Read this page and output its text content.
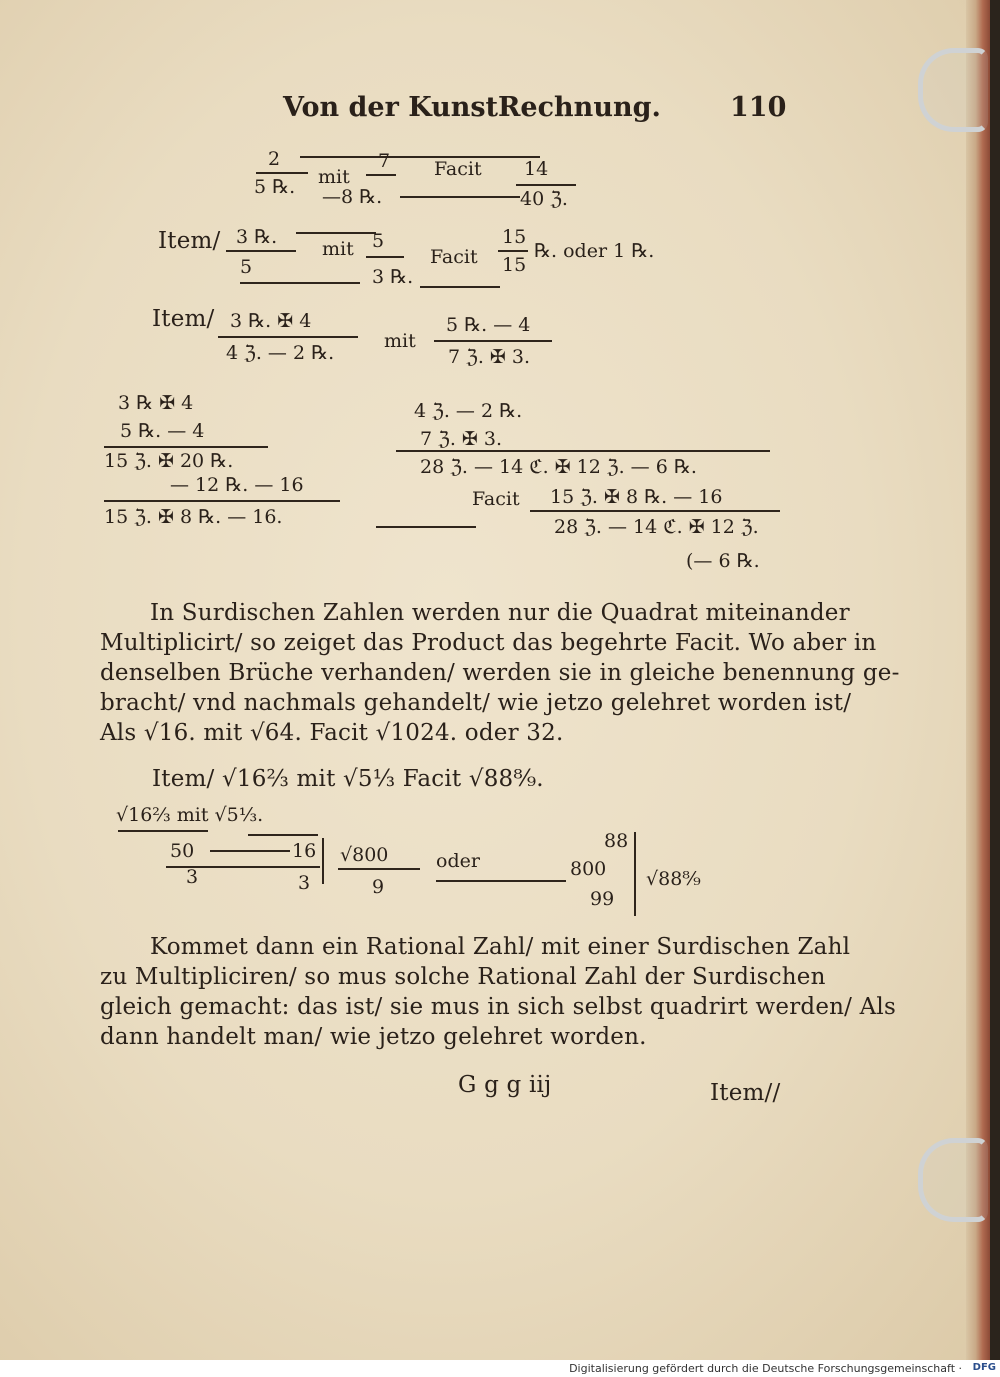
Von der KunstRechnung.	110
2
5 ℞. mit
7
—8 ℞.
Facit 14
40 ℨ.
Item/ 3 ℞.
5
mit 5
3 ℞.
Facit
15
15
℞. oder 1 ℞.
Item/ 3 ℞. ✠ 4
4 ℨ. — 2 ℞.
mit
5 ℞. — 4
7 ℨ. ✠ 3.
3 ℞ ✠ 4
5 ℞. — 4
15 ℨ. ✠ 20 ℞.
— 12 ℞. — 16
15 ℨ. ✠ 8 ℞. — 16.
4 ℨ. — 2 ℞.
7 ℨ. ✠ 3.
28 ℨ. — 14 ℭ. ✠ 12 ℨ. — 6 ℞.
Facit 15 ℨ. ✠ 8 ℞. — 16
28 ℨ. — 14 ℭ. ✠ 12 ℨ.
(— 6 ℞.
In Surdischen Zahlen werden nur die Quadrat miteinander
Multiplicirt/ so zeiget das Product das begehrte Facit. Wo aber in
denselben Brüche verhanden/ werden sie in gleiche benennung ge-
bracht/ vnd nachmals gehandelt/ wie jetzo gelehret worden ist/
Als √16. mit √64. Facit √1024. oder 32.
Item/ √16⅔ mit √5⅓ Facit √88⁸⁄₉.
√16⅔ mit √5⅓.
50	16
3	3
√800
9
oder
88
800
99
√88⁸⁄₉
Kommet dann ein Rational Zahl/ mit einer Surdischen Zahl
zu Multipliciren/ so mus solche Rational Zahl der Surdischen
gleich gemacht: das ist/ sie mus in sich selbst quadrirt werden/ Als
dann handelt man/ wie jetzo gelehret worden.
G g g iij	Item//
Digitalisierung gefördert durch die Deutsche Forschungsgemeinschaft · DFG
